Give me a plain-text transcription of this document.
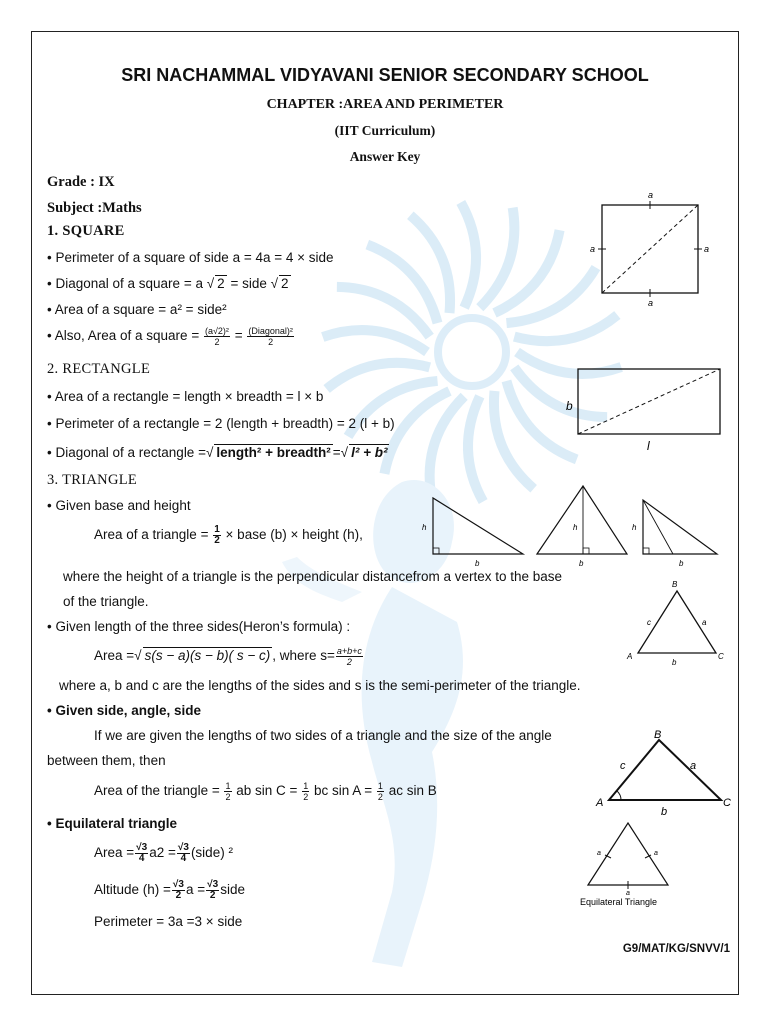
SRI NACHAMMAL VIDYAVANI SENIOR SECONDARY SCHOOL
CHAPTER :AREA AND PERIMETER
(IIT Curriculum)
Answer Key
Grade : IX
Subject :Maths
1. SQUARE
• Perimeter of a square of side a = 4a = 4 × side
• Diagonal of a square = a √ 2 = side √ 2
• Area of a square = a² = side²
• Also, Area of a square = $\frac{\text{(a√2)²}}{2} = \frac{\text{(Diagonal)²}}{2}$
a
a
a	a
2. RECTANGLE
• Area of a rectangle = length × breadth = l × b
• Perimeter of a rectangle = 2 (length + breadth) = 2 (l + b)
• Diagonal of a rectangle =√ length² + breadth² =√ l² + b²
b
l
3. TRIANGLE
• Given base and height
Area of a triangle = $\frac{1}{2}$ × base (b) × height (h),
where the height of a triangle is the perpendicular distancefrom a vertex to the base
of the triangle.
h
b
h
b
h
b
• Given length of the three sides(Heron’s formula) :
Area =√ s(s − a)(s − b)( s − c) , where $s= \frac{a+b+c}{2}$
where a, b and c are the lengths of the sides and s is the semi-perimeter of the triangle.
B
A	C
c	a
b
• Given side, angle, side
If we are given the lengths of two sides of a triangle and the size of the angle
between them, then
Area of the triangle = $\frac{1}{2}$ ab $\sin C = \frac{1}{2}$ bc $\sin A = \frac{1}{2}$ ac sin B
B
A	C
c	a
b
• Equilateral triangle
Area = $\frac{√3}{4} a2 = \frac{√3}{4}$ (side) ²
Altitude $(h) = \frac{√3}{2}$ $a = \frac{√3}{2}$ side
Perimeter = 3a =3 × side
a	a
a
Equilateral Triangle
G9/MAT/KG/SNVV/1
